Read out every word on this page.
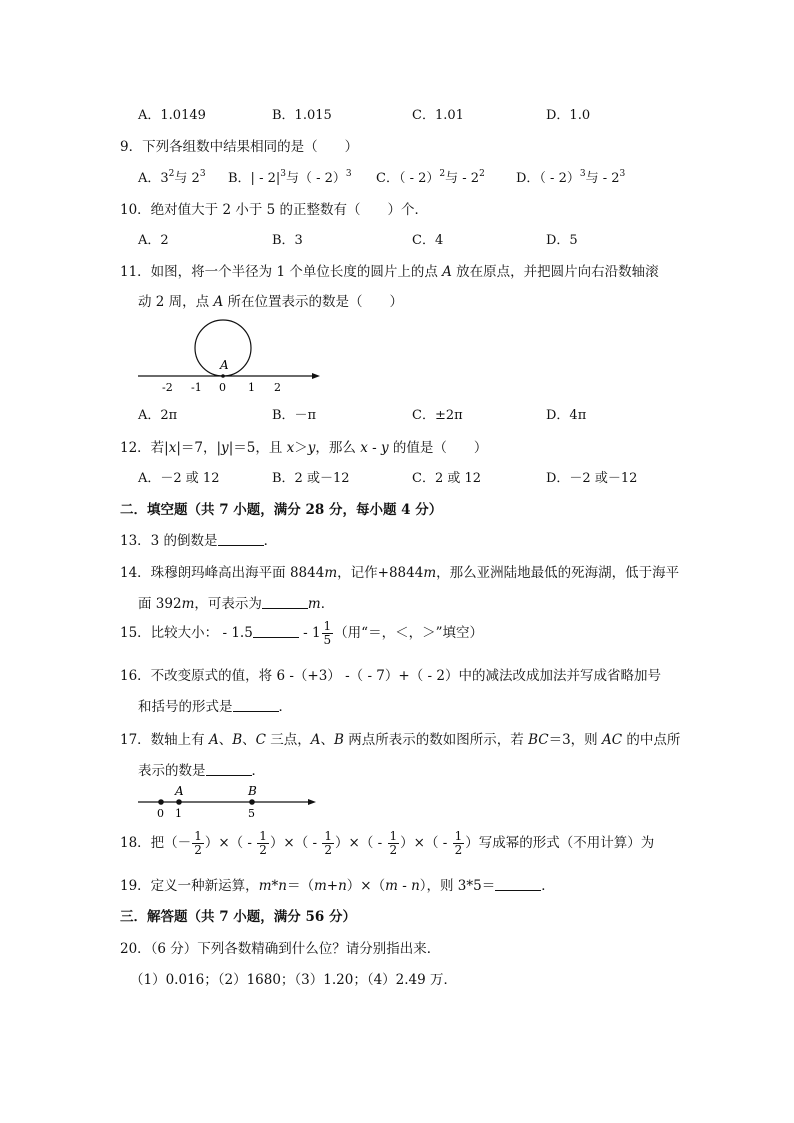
A．1.0149	B．1.015	C．1.01	D．1.0
9．下列各组数中结果相同的是（　　）
A．$3^2$与 $2^3$ B．| - $2|^3$与（ - 2）$^3$ C．（ - 2）$^2$与 - $2^2$ D．（ - 2）$^3$与 - $2^3$
10．绝对值大于 2 小于 5 的正整数有（　　）个．
A．2	B．3	C．4	D．5
11．如图，将一个半径为 1 个单位长度的圆片上的点 A 放在原点，并把圆片向右沿数轴滚
动 2 周，点 A 所在位置表示的数是（　　）
A
-2 -1 0 1 2
A．2π	B．－π	C．±2π	D．4π
12．若|x|＝7，|y|＝5，且 x＞y，那么 x - y 的值是（　　）
A．－2 或 12	B．2 或－12	C．2 或 12	D．－2 或－12
二．填空题（共 7 小题，满分 28 分，每小题 4 分）
13．3 的倒数是	．
14．珠穆朗玛峰高出海平面 8844m，记作+8844m，那么亚洲陆地最低的死海湖，低于海平
面 392m，可表示为	m．
15．比较大小： - 1.5	- $1 \frac{1}{5}$ （用“＝，＜，＞”填空）
16．不改变原式的值，将 6 -（+3） -（ - 7）+（ - 2）中的减法改成加法并写成省略加号
和括号的形式是	．
17．数轴上有 A、B、C 三点，A、B 两点所表示的数如图所示，若 BC＝3，则 AC 的中点所
表示的数是	．
A	B
0 1	5
18．把（－ $\frac{1}{2}$ ）×（ - $\frac{1}{2}$ ）×（ - $\frac{1}{2}$ ）×（ - $\frac{1}{2}$ ）×（ - $\frac{1}{2}$ ）写成幂的形式（不用计算）为
19．定义一种新运算，m*n＝（m+n）×（m - n），则 3*5＝	．
三．解答题（共 7 小题，满分 56 分）
20．（6 分）下列各数精确到什么位？请分别指出来．
（1）0.016；（2）1680；（3）1.20；（4）2.49 万．
